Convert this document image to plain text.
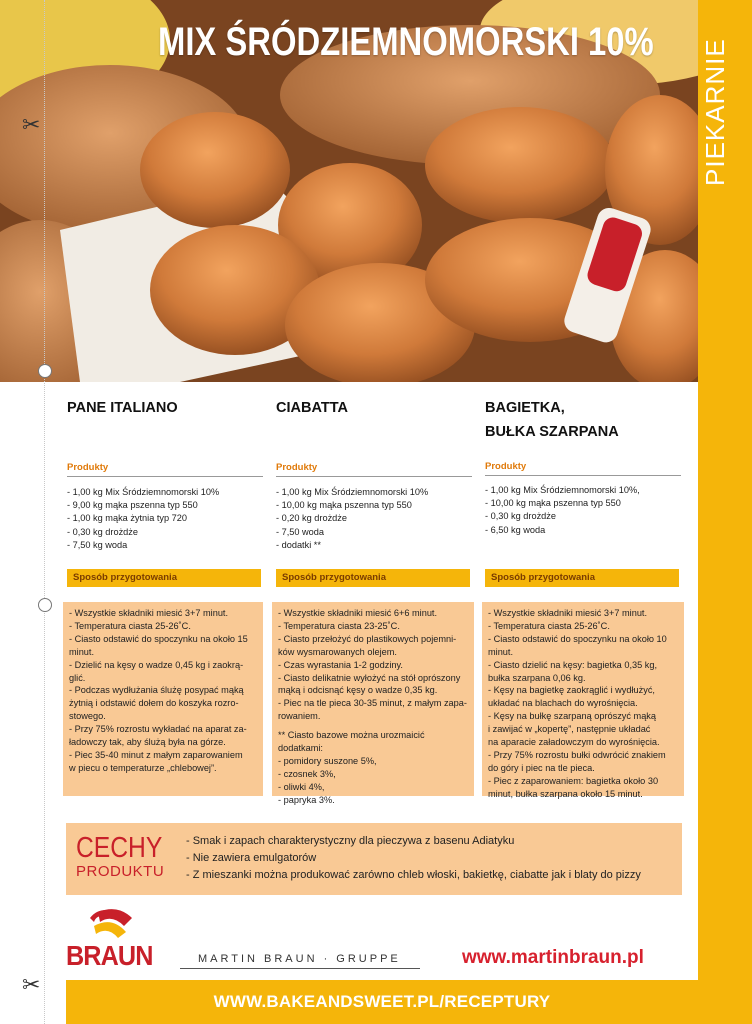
MIX ŚRÓDZIEMNOMORSKI 10%
✂
✂
PANE ITALIANO
Produkty
- 1,00 kg Mix Śródziemnomorski 10%
- 9,00 kg mąka pszenna typ 550
- 1,00 kg mąka żytnia typ 720
- 0,30 kg drożdże
- 7,50 kg woda
Sposób przygotowania
- Wszystkie składniki miesić 3+7 minut.
- Temperatura ciasta 25-26˚C.
- Ciasto odstawić do spoczynku na około 15
minut.
- Dzielić na kęsy o wadze 0,45 kg i zaokrą-
glić.
- Podczas wydłużania ślużę posypać mąką
żytnią i odstawić dołem do koszyka rozro-
stowego.
- Przy 75% rozrostu wykładać na aparat za-
ładowczy tak, aby ślużą była na górze.
- Piec 35-40 minut z małym zaparowaniem
w piecu o temperaturze „chlebowej”.
CIABATTA
Produkty
- 1,00 kg Mix Śródziemnomorski 10%
- 10,00 kg mąka pszenna typ 550
- 0,20 kg drożdże
- 7,50 woda
- dodatki **
Sposób przygotowania
- Wszystkie składniki miesić 6+6 minut.
- Temperatura ciasta 23-25˚C.
- Ciasto przełożyć do plastikowych pojemni-
ków wysmarowanych olejem.
- Czas wyrastania 1-2 godziny.
- Ciasto delikatnie wyłożyć na stół oprószony
mąką i odcisnąć kęsy o wadze 0,35 kg.
- Piec na tle pieca 30-35 minut, z małym zapa-
rowaniem.
** Ciasto bazowe można urozmaicić dodatkami:
- pomidory suszone 5%,
- czosnek 3%,
- oliwki 4%,
- papryka 3%.
BAGIETKA,
BUŁKA SZARPANA
Produkty
- 1,00 kg Mix Śródziemnomorski 10%,
- 10,00 kg mąka pszenna typ 550
- 0,30 kg drożdże
- 6,50 kg woda
Sposób przygotowania
- Wszystkie składniki miesić 3+7 minut.
- Temperatura ciasta 25-26˚C.
- Ciasto odstawić do spoczynku na około 10
minut.
- Ciasto dzielić na kęsy: bagietka 0,35 kg,
bułka szarpana 0,06 kg.
- Kęsy na bagietkę zaokrąglić i wydłużyć,
układać na blachach do wyrośnięcia.
- Kęsy na bułkę szarpaną oprószyć mąką
i zawijać w „kopertę”, następnie układać
na aparacie załadowczym do wyrośnięcia.
- Przy 75% rozrostu bułki odwrócić znakiem
do góry i piec na tle pieca.
- Piec z zaparowaniem: bagietka około 30
minut, bułka szarpana około 15 minut.
CECHY
PRODUKTU
- Smak i zapach charakterystyczny dla pieczywa z basenu Adiatyku
- Nie zawiera emulgatorów
- Z mieszanki można produkować zarówno chleb włoski, bakietkę, ciabatte jak i blaty do pizzy
BRAUN	MARTIN BRAUN · GRUPPE	www.martinbraun.pl
WWW.BAKEANDSWEET.PL/RECEPTURY
